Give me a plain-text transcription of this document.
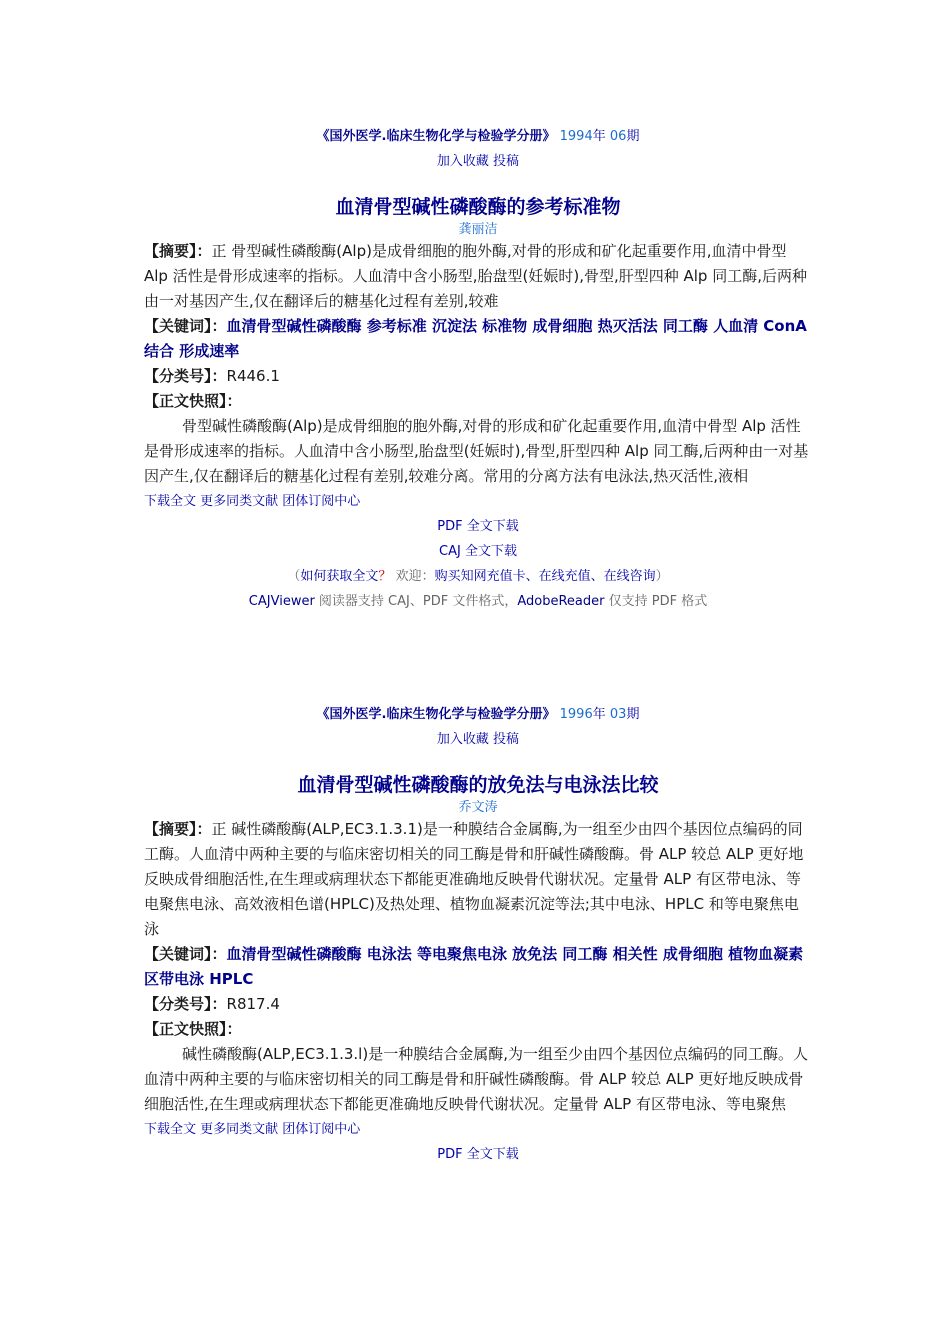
《国外医学.临床生物化学与检验学分册》 1994年 06期
加入收藏 投稿
血清骨型碱性磷酸酶的参考标准物
龚丽洁
【摘要】：正 骨型碱性磷酸酶(Alp)是成骨细胞的胞外酶,对骨的形成和矿化起重要作用,血清中骨型 Alp 活性是骨形成速率的指标。人血清中含小肠型,胎盘型(妊娠时),骨型,肝型四种 Alp 同工酶,后两种由一对基因产生,仅在翻译后的糖基化过程有差别,较难
【关键词】：血清骨型碱性磷酸酶 参考标准 沉淀法 标准物 成骨细胞 热灭活法 同工酶 人血清 ConA 结合 形成速率
【分类号】：R446.1
【正文快照】：
骨型碱性磷酸酶(Alp)是成骨细胞的胞外酶,对骨的形成和矿化起重要作用,血清中骨型 Alp 活性是骨形成速率的指标。人血清中含小肠型,胎盘型(妊娠时),骨型,肝型四种 Alp 同工酶,后两种由一对基因产生,仅在翻译后的糖基化过程有差别,较难分离。常用的分离方法有电泳法,热灭活性,液相
下载全文 更多同类文献 团体订阅中心
PDF 全文下载
CAJ 全文下载
（如何获取全文？ 欢迎：购买知网充值卡、在线充值、在线咨询）
CAJViewer 阅读器支持 CAJ、PDF 文件格式，AdobeReader 仅支持 PDF 格式
《国外医学.临床生物化学与检验学分册》 1996年 03期
加入收藏 投稿
血清骨型碱性磷酸酶的放免法与电泳法比较
乔文涛
【摘要】：正 碱性磷酸酶(ALP,EC3.1.3.1)是一种膜结合金属酶,为一组至少由四个基因位点编码的同工酶。人血清中两种主要的与临床密切相关的同工酶是骨和肝碱性磷酸酶。骨 ALP 较总 ALP 更好地反映成骨细胞活性,在生理或病理状态下都能更准确地反映骨代谢状况。定量骨 ALP 有区带电泳、等电聚焦电泳、高效液相色谱(HPLC)及热处理、植物血凝素沉淀等法;其中电泳、HPLC 和等电聚焦电泳
【关键词】：血清骨型碱性磷酸酶 电泳法 等电聚焦电泳 放免法 同工酶 相关性 成骨细胞 植物血凝素 区带电泳 HPLC
【分类号】：R817.4
【正文快照】：
碱性磷酸酶(ALP,EC3.1.3.l)是一种膜结合金属酶,为一组至少由四个基因位点编码的同工酶。人血清中两种主要的与临床密切相关的同工酶是骨和肝碱性磷酸酶。骨 ALP 较总 ALP 更好地反映成骨细胞活性,在生理或病理状态下都能更准确地反映骨代谢状况。定量骨 ALP 有区带电泳、等电聚焦
下载全文 更多同类文献 团体订阅中心
PDF 全文下载
